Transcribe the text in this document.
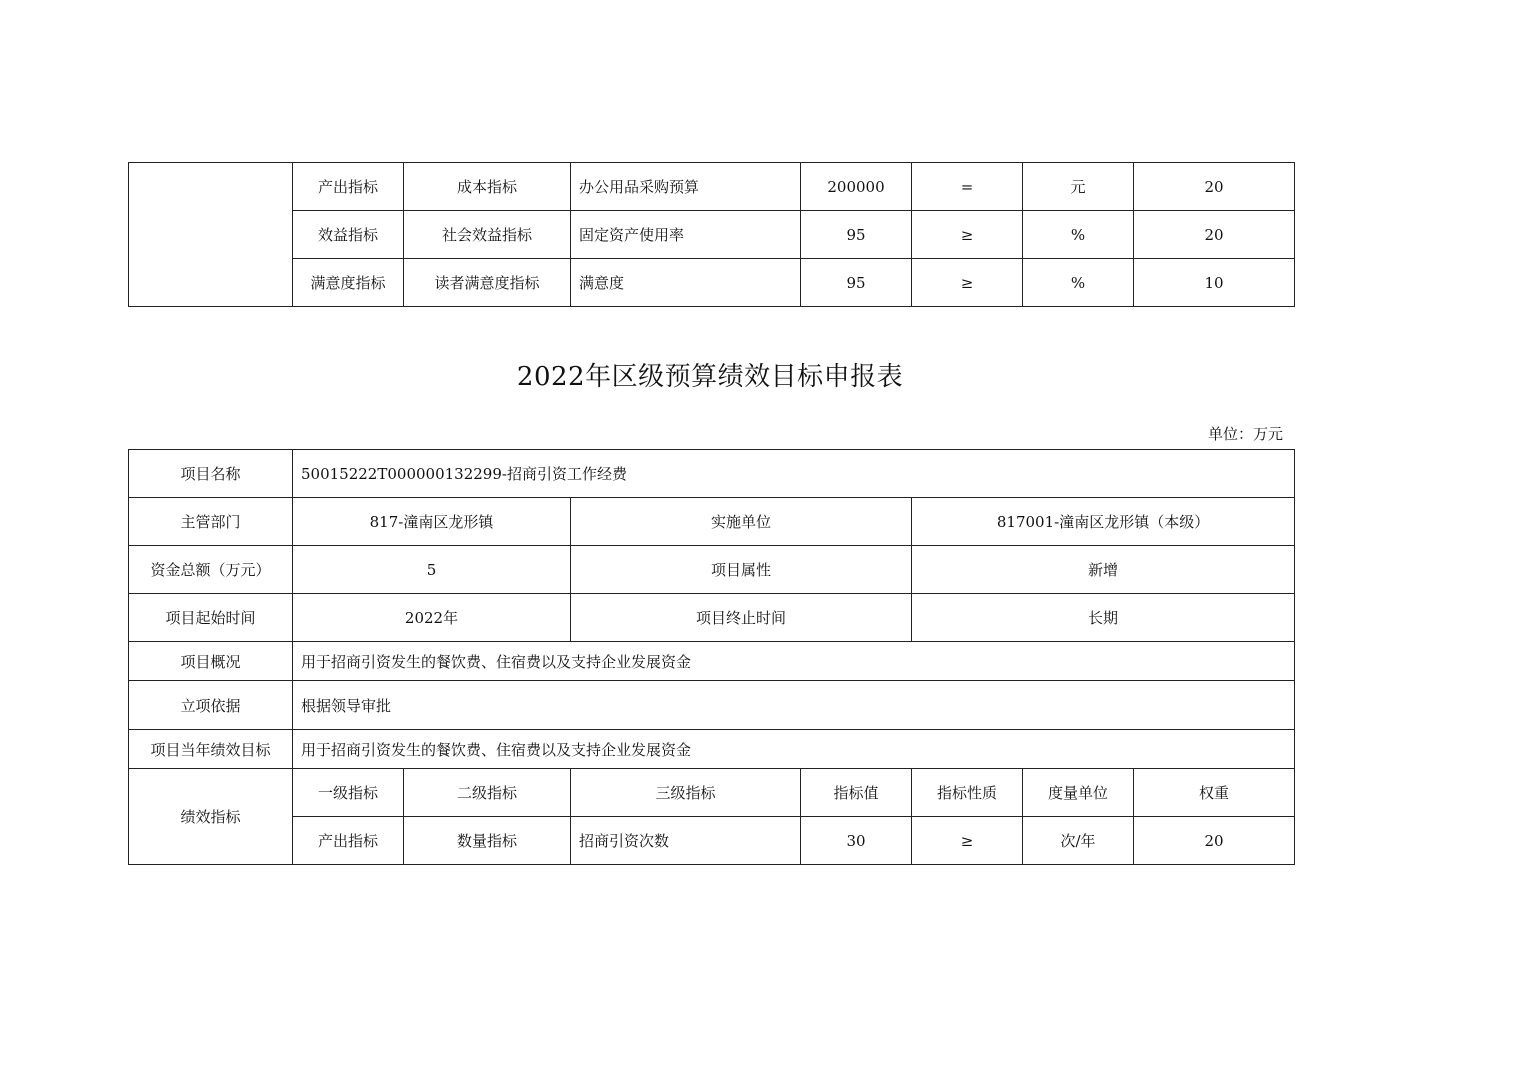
	产出指标	成本指标	办公用品采购预算	200000	=	元	20
	效益指标	社会效益指标	固定资产使用率	95	≥	%	20
	满意度指标	读者满意度指标	满意度	95	≥	%	10
2022年区级预算绩效目标申报表
单位：万元
项目名称	50015222T000000132299-招商引资工作经费						
主管部门	817-潼南区龙形镇		实施单位		817001-潼南区龙形镇（本级）		
资金总额（万元）	5		项目属性		新增		
项目起始时间	2022年		项目终止时间		长期		
项目概况	用于招商引资发生的餐饮费、住宿费以及支持企业发展资金						
立项依据	根据领导审批						
项目当年绩效目标	用于招商引资发生的餐饮费、住宿费以及支持企业发展资金						
绩效指标	一级指标	二级指标	三级指标	指标值	指标性质	度量单位	权重
	产出指标	数量指标	招商引资次数	30	≥	次/年	20
